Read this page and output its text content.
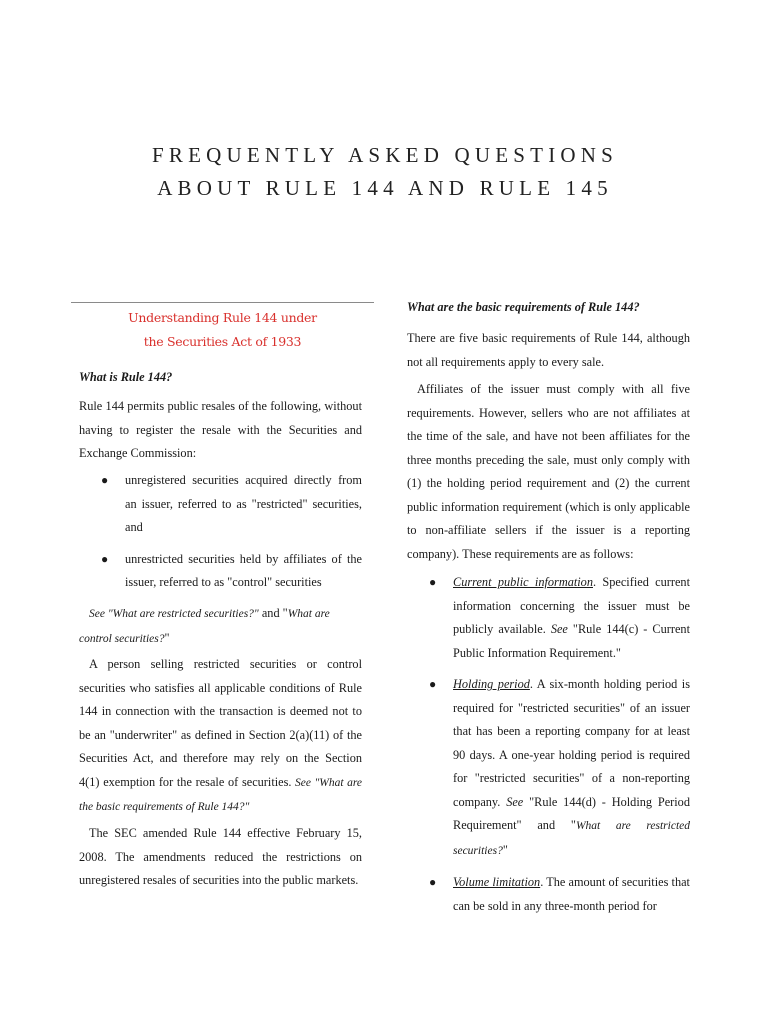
FREQUENTLY ASKED QUESTIONS
ABOUT RULE 144 AND RULE 145
Understanding Rule 144 under
the Securities Act of 1933
What is Rule 144?

Rule 144 permits public resales of the following, without having to register the resale with the Securities and Exchange Commission:

● unregistered securities acquired directly from an issuer, referred to as "restricted" securities, and
● unrestricted securities held by affiliates of the issuer, referred to as "control" securities

See "What are restricted securities?" and "What are control securities?"

A person selling restricted securities or control securities who satisfies all applicable conditions of Rule 144 in connection with the transaction is deemed not to be an "underwriter" as defined in Section 2(a)(11) of the Securities Act, and therefore may rely on the Section 4(1) exemption for the resale of securities. See "What are the basic requirements of Rule 144?"

The SEC amended Rule 144 effective February 15, 2008. The amendments reduced the restrictions on unregistered resales of securities into the public markets.

What are the basic requirements of Rule 144?

There are five basic requirements of Rule 144, although not all requirements apply to every sale.

Affiliates of the issuer must comply with all five requirements. However, sellers who are not affiliates at the time of the sale, and have not been affiliates for the three months preceding the sale, must only comply with (1) the holding period requirement and (2) the current public information requirement (which is only applicable to non-affiliate sellers if the issuer is a reporting company). These requirements are as follows:

● Current public information. Specified current information concerning the issuer must be publicly available. See "Rule 144(c) - Current Public Information Requirement."
● Holding period. A six-month holding period is required for "restricted securities" of an issuer that has been a reporting company for at least 90 days. A one-year holding period is required for "restricted securities" of a non-reporting company. See "Rule 144(d) - Holding Period Requirement" and "What are restricted securities?"
● Volume limitation. The amount of securities that can be sold in any three-month period for
